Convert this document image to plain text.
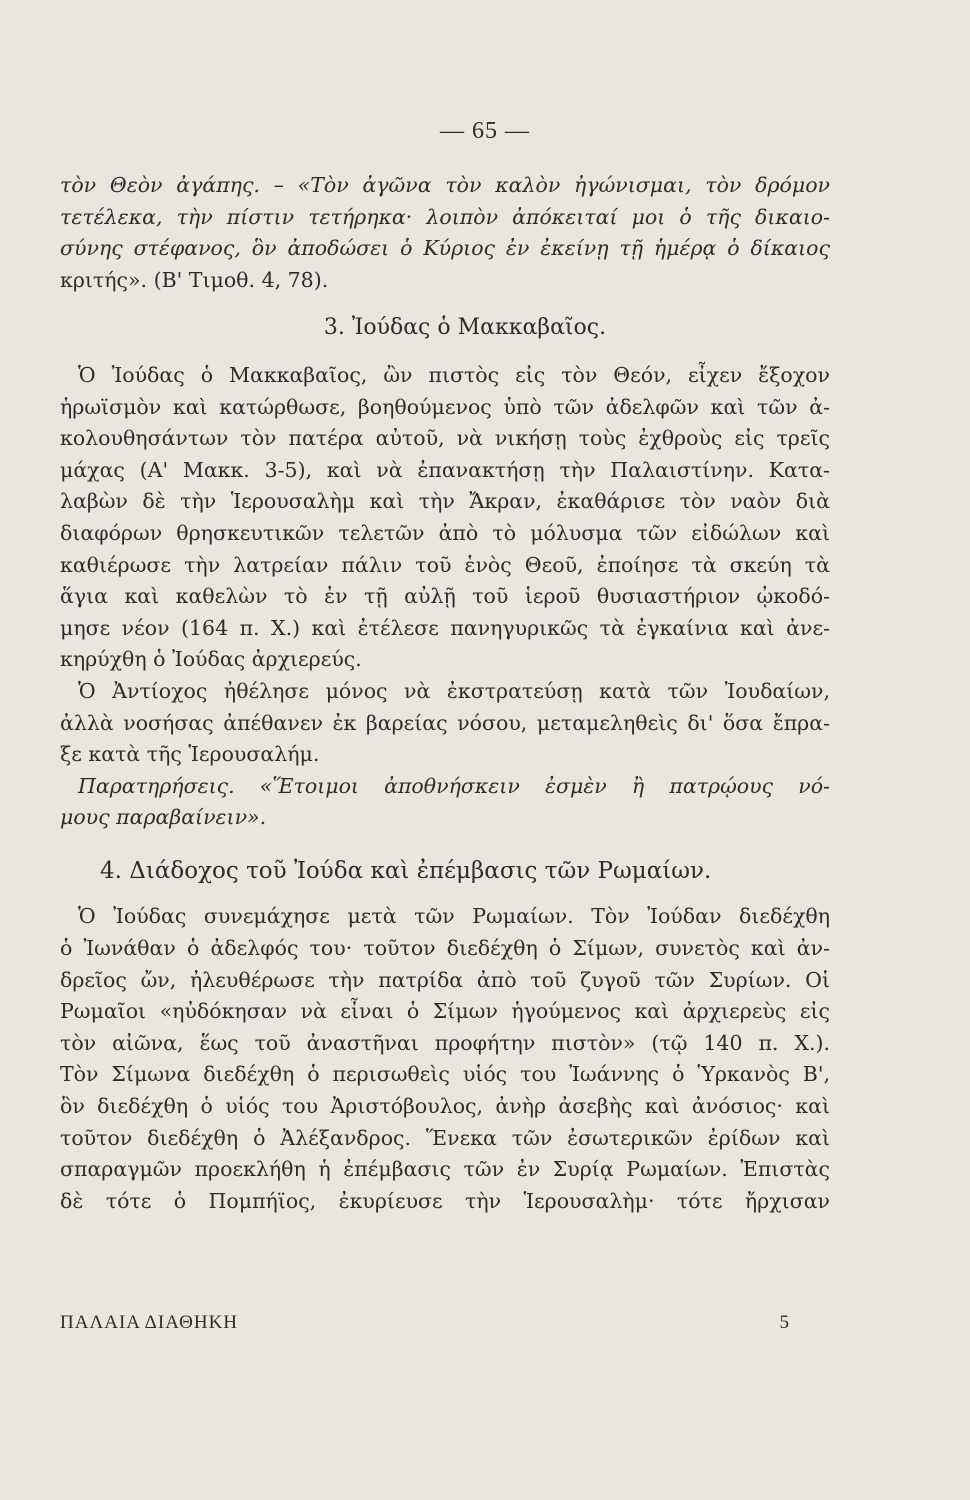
— 65 —
τὸν Θεὸν ἀγάπης. – «Τὸν ἀγῶνα τὸν καλὸν ἠγώνισμαι, τὸν δρόμον
τετέλεκα, τὴν πίστιν τετήρηκα· λοιπὸν ἀπόκειταί μοι ὁ τῆς δικαιο-
σύνης στέφανος, ὃν ἀποδώσει ὁ Κύριος ἐν ἐκείνῃ τῇ ἡμέρᾳ ὁ δίκαιος
κριτής». (Β' Τιμοθ. 4, 78).
3. Ἰούδας ὁ Μακκαβαῖος.
Ὁ Ἰούδας ὁ Μακκαβαῖος, ὢν πιστὸς εἰς τὸν Θεόν, εἶχεν ἔξοχον
ἡρωϊσμὸν καὶ κατώρθωσε, βοηθούμενος ὑπὸ τῶν ἀδελφῶν καὶ τῶν ἀ-
κολουθησάντων τὸν πατέρα αὐτοῦ, νὰ νικήσῃ τοὺς ἐχθροὺς εἰς τρεῖς
μάχας (Α' Μακκ. 3-5), καὶ νὰ ἐπανακτήσῃ τὴν Παλαιστίνην. Κατα-
λαβὼν δὲ τὴν Ἱερουσαλὴμ καὶ τὴν Ἄκραν, ἐκαθάρισε τὸν ναὸν διὰ
διαφόρων θρησκευτικῶν τελετῶν ἀπὸ τὸ μόλυσμα τῶν εἰδώλων καὶ
καθιέρωσε τὴν λατρείαν πάλιν τοῦ ἑνὸς Θεοῦ, ἐποίησε τὰ σκεύη τὰ
ἅγια καὶ καθελὼν τὸ ἐν τῇ αὐλῇ τοῦ ἱεροῦ θυσιαστήριον ᾠκοδό-
μησε νέον (164 π. Χ.) καὶ ἐτέλεσε πανηγυρικῶς τὰ ἐγκαίνια καὶ ἀνε-
κηρύχθη ὁ Ἰούδας ἀρχιερεύς.
Ὁ Ἀντίοχος ἠθέλησε μόνος νὰ ἐκστρατεύσῃ κατὰ τῶν Ἰουδαίων,
ἀλλὰ νοσήσας ἀπέθανεν ἐκ βαρείας νόσου, μεταμεληθεὶς δι' ὅσα ἔπρα-
ξε κατὰ τῆς Ἱερουσαλήμ.
Παρατηρήσεις. «Ἕτοιμοι ἀποθνήσκειν ἐσμὲν ἢ πατρῴους νό-
μους παραβαίνειν».
4. Διάδοχος τοῦ Ἰούδα καὶ ἐπέμβασις τῶν Ρωμαίων.
Ὁ Ἰούδας συνεμάχησε μετὰ τῶν Ρωμαίων. Τὸν Ἰούδαν διεδέχθη
ὁ Ἰωνάθαν ὁ ἀδελφός του· τοῦτον διεδέχθη ὁ Σίμων, συνετὸς καὶ ἀν-
δρεῖος ὤν, ἠλευθέρωσε τὴν πατρίδα ἀπὸ τοῦ ζυγοῦ τῶν Συρίων. Οἱ
Ρωμαῖοι «ηὐδόκησαν νὰ εἶναι ὁ Σίμων ἡγούμενος καὶ ἀρχιερεὺς εἰς
τὸν αἰῶνα, ἕως τοῦ ἀναστῆναι προφήτην πιστὸν» (τῷ 140 π. Χ.).
Τὸν Σίμωνα διεδέχθη ὁ περισωθεὶς υἱός του Ἰωάννης ὁ Ὑρκανὸς Β',
ὃν διεδέχθη ὁ υἱός του Ἀριστόβουλος, ἀνὴρ ἀσεβὴς καὶ ἀνόσιος· καὶ
τοῦτον διεδέχθη ὁ Ἀλέξανδρος. Ἕνεκα τῶν ἐσωτερικῶν ἐρίδων καὶ
σπαραγμῶν προεκλήθη ἡ ἐπέμβασις τῶν ἐν Συρίᾳ Ρωμαίων. Ἐπιστὰς
δὲ τότε ὁ Πομπήϊος, ἐκυρίευσε τὴν Ἱερουσαλὴμ· τότε ἤρχισαν
ΠΑΛΑΙΑ ΔΙΑΘΗΚΗ	5
